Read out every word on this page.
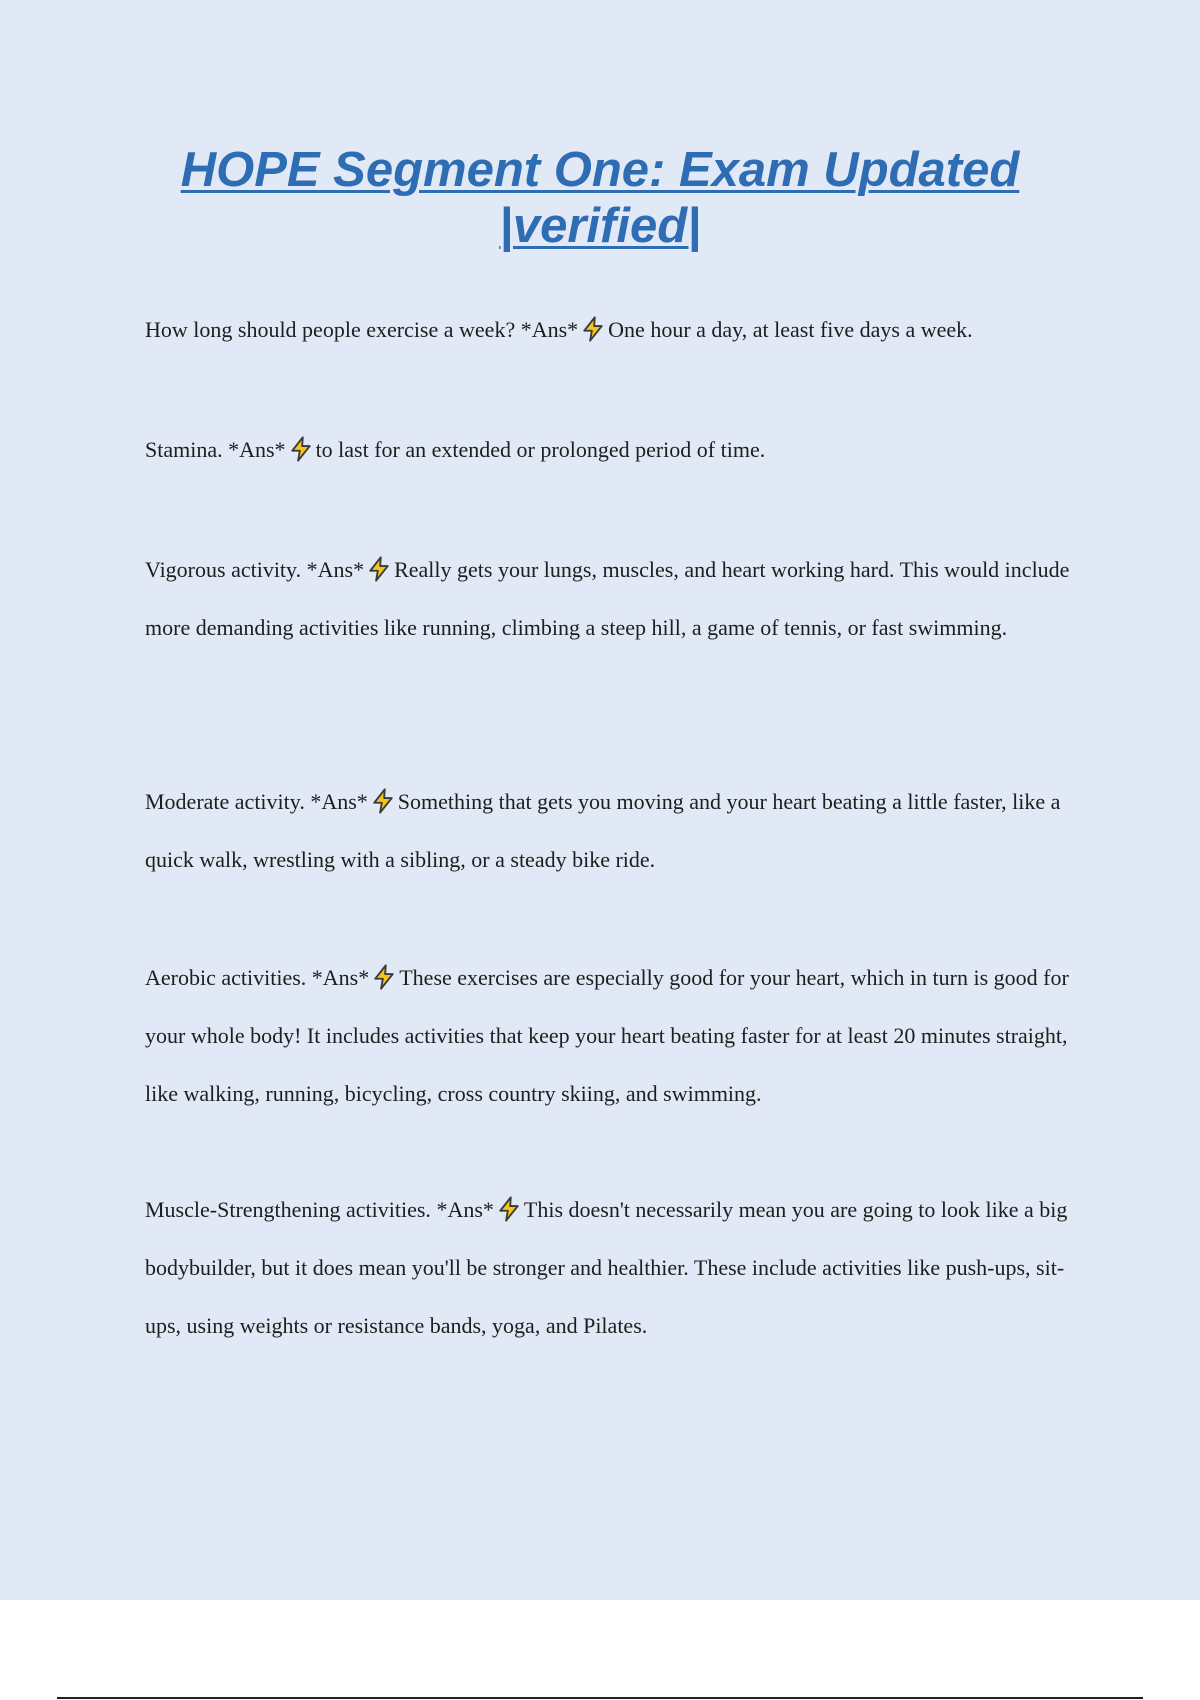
HOPE Segment One: Exam Updated |verified|

How long should people exercise a week? *Ans* One hour a day, at least five days a week.

Stamina. *Ans* to last for an extended or prolonged period of time.

Vigorous activity. *Ans* Really gets your lungs, muscles, and heart working hard. This would include more demanding activities like running, climbing a steep hill, a game of tennis, or fast swimming.

Moderate activity. *Ans* Something that gets you moving and your heart beating a little faster, like a quick walk, wrestling with a sibling, or a steady bike ride.

Aerobic activities. *Ans* These exercises are especially good for your heart, which in turn is good for your whole body! It includes activities that keep your heart beating faster for at least 20 minutes straight, like walking, running, bicycling, cross country skiing, and swimming.

Muscle-Strengthening activities. *Ans* This doesn't necessarily mean you are going to look like a big bodybuilder, but it does mean you'll be stronger and healthier. These include activities like push-ups, sit-ups, using weights or resistance bands, yoga, and Pilates.
